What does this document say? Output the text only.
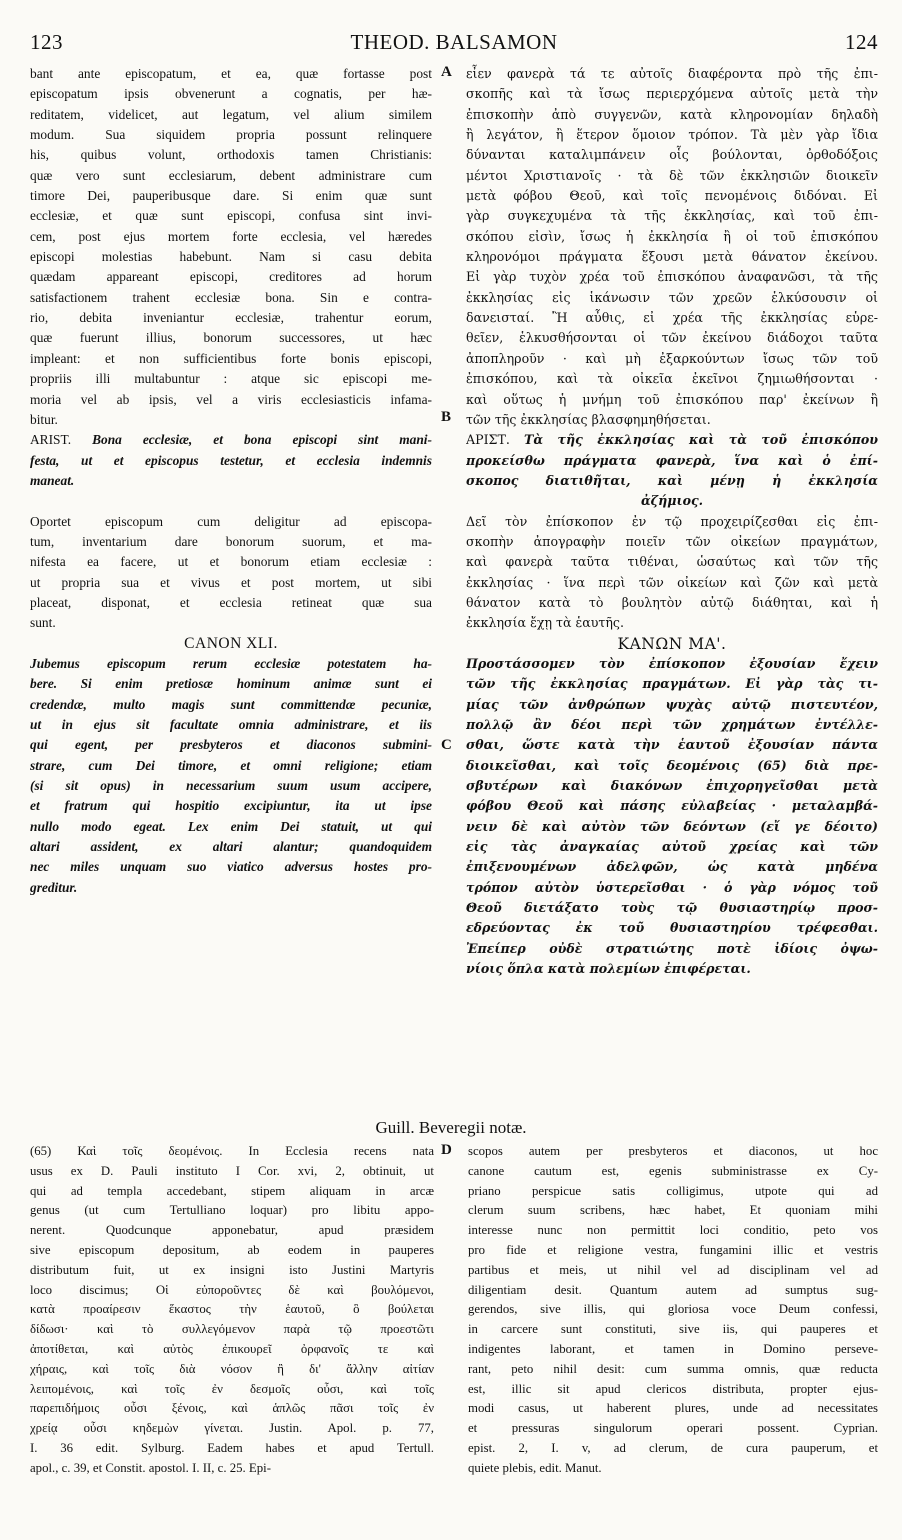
123	THEOD. BALSAMON	124
A
B
C
D
bant ante episcopatum, et ea, quæ fortasse post
episcopatum ipsis obvenerunt a cognatis, per hæ-
reditatem, videlicet, aut legatum, vel alium similem
modum. Sua siquidem propria possunt relinquere
his, quibus volunt, orthodoxis tamen Christianis:
quæ vero sunt ecclesiarum, debent administrare cum
timore Dei, pauperibusque dare. Si enim quæ sunt
ecclesiæ, et quæ sunt episcopi, confusa sint invi-
cem, post ejus mortem forte ecclesia, vel hæredes
episcopi molestias habebunt. Nam si casu debita
quædam appareant episcopi, creditores ad horum
satisfactionem trahent ecclesiæ bona. Sin e contra-
rio, debita inveniantur ecclesiæ, trahentur eorum,
quæ fuerunt illius, bonorum successores, ut hæc
impleant: et non sufficientibus forte bonis episcopi,
propriis illi multabuntur : atque sic episcopi me-
moria vel ab ipsis, vel a viris ecclesiasticis infama-
bitur.
ARIST. Bona ecclesiæ, et bona episcopi sint mani-
festa, ut et episcopus testetur, et ecclesia indemnis
maneat.
Oportet episcopum cum deligitur ad episcopa-
tum, inventarium dare bonorum suorum, et ma-
nifesta ea facere, ut et bonorum etiam ecclesiæ :
ut propria sua et vivus et post mortem, ut sibi
placeat, disponat, et ecclesia retineat quæ sua
sunt.
CANON XLI.
Jubemus episcopum rerum ecclesiæ potestatem ha-
bere. Si enim pretiosæ hominum animæ sunt ei
credendæ, multo magis sunt committendæ pecuniæ,
ut in ejus sit facultate omnia administrare, et iis
qui egent, per presbyteros et diaconos submini-
strare, cum Dei timore, et omni religione; etiam
(si sit opus) in necessarium suum usum accipere,
et fratrum qui hospitio excipiuntur, ita ut ipse
nullo modo egeat. Lex enim Dei statuit, ut qui
altari assident, ex altari alantur; quandoquidem
nec miles unquam suo viatico adversus hostes pro-
greditur.
εἶεν φανερὰ τά τε αὐτοῖς διαφέροντα πρὸ τῆς ἐπι-
σκοπῆς καὶ τὰ ἴσως περιερχόμενα αὐτοῖς μετὰ τὴν
ἐπισκοπὴν ἀπὸ συγγενῶν, κατὰ κληρονομίαν δηλαδὴ
ἢ λεγάτον, ἢ ἕτερον ὅμοιον τρόπον. Τὰ μὲν γὰρ ἴδια
δύνανται καταλιμπάνειν οἷς βούλονται, ὀρθοδόξοις
μέντοι Χριστιανοῖς · τὰ δὲ τῶν ἐκκλησιῶν διοικεῖν
μετὰ φόβου Θεοῦ, καὶ τοῖς πενομένοις διδόναι. Εἰ
γὰρ συγκεχυμένα τὰ τῆς ἐκκλησίας, καὶ τοῦ ἐπι-
σκόπου εἰσὶν, ἴσως ἡ ἐκκλησία ἢ οἱ τοῦ ἐπισκόπου
κληρονόμοι πράγματα ἕξουσι μετὰ θάνατον ἐκείνου.
Εἰ γὰρ τυχὸν χρέα τοῦ ἐπισκόπου ἀναφανῶσι, τὰ τῆς
ἐκκλησίας εἰς ἱκάνωσιν τῶν χρεῶν ἑλκύσουσιν οἱ
δανεισταί. Ἢ αὖθις, εἰ χρέα τῆς ἐκκλησίας εὑρε-
θεῖεν, ἑλκυσθήσονται οἱ τῶν ἐκείνου διάδοχοι ταῦτα
ἀποπληροῦν · καὶ μὴ ἐξαρκούντων ἴσως τῶν τοῦ
ἐπισκόπου, καὶ τὰ οἰκεῖα ἐκεῖνοι ζημιωθήσονται ·
καὶ οὕτως ἡ μνήμη τοῦ ἐπισκόπου παρ' ἐκείνων ἢ
τῶν τῆς ἐκκλησίας βλασφημηθήσεται.
ΑΡΙΣΤ. Τὰ τῆς ἐκκλησίας καὶ τὰ τοῦ ἐπισκόπου
προκείσθω πράγματα φανερὰ, ἵνα καὶ ὁ ἐπί-
σκοπος διατιθῆται, καὶ μένῃ ἡ ἐκκλησία
ἀζήμιος.
Δεῖ τὸν ἐπίσκοπον ἐν τῷ προχειρίζεσθαι εἰς ἐπι-
σκοπὴν ἀπογραφὴν ποιεῖν τῶν οἰκείων πραγμάτων,
καὶ φανερὰ ταῦτα τιθέναι, ὡσαύτως καὶ τῶν τῆς
ἐκκλησίας · ἵνα περὶ τῶν οἰκείων καὶ ζῶν καὶ μετὰ
θάνατον κατὰ τὸ βουλητὸν αὐτῷ διάθηται, καὶ ἡ
ἐκκλησία ἔχῃ τὰ ἑαυτῆς.
ΚΑΝΩΝ ΜΑ'.
Προστάσσομεν τὸν ἐπίσκοπον ἐξουσίαν ἔχειν
τῶν τῆς ἐκκλησίας πραγμάτων. Εἰ γὰρ τὰς τι-
μίας τῶν ἀνθρώπων ψυχὰς αὐτῷ πιστευτέον,
πολλῷ ἂν δέοι περὶ τῶν χρημάτων ἐντέλλε-
σθαι, ὥστε κατὰ τὴν ἑαυτοῦ ἐξουσίαν πάντα
διοικεῖσθαι, καὶ τοῖς δεομένοις (65) διὰ πρε-
σβυτέρων καὶ διακόνων ἐπιχορηγεῖσθαι μετὰ
φόβου Θεοῦ καὶ πάσης εὐλαβείας · μεταλαμβά-
νειν δὲ καὶ αὐτὸν τῶν δεόντων (εἴ γε δέοιτο)
εἰς τὰς ἀναγκαίας αὐτοῦ χρείας καὶ τῶν
ἐπιξενουμένων ἀδελφῶν, ὡς κατὰ μηδένα
τρόπον αὐτὸν ὑστερεῖσθαι · ὁ γὰρ νόμος τοῦ
Θεοῦ διετάξατο τοὺς τῷ θυσιαστηρίῳ προσ-
εδρεύοντας ἐκ τοῦ θυσιαστηρίου τρέφεσθαι.
Ἐπείπερ οὐδὲ στρατιώτης ποτὲ ἰδίοις ὀψω-
νίοις ὅπλα κατὰ πολεμίων ἐπιφέρεται.
Guill. Beveregii notæ.
(65) Καὶ τοῖς δεομένοις. In Ecclesia recens nata
usus ex D. Pauli instituto I Cor. xvi, 2, obtinuit, ut
qui ad templa accedebant, stipem aliquam in arcæ
genus (ut cum Tertulliano loquar) pro libitu appo-
nerent. Quodcunque apponebatur, apud præsidem
sive episcopum depositum, ab eodem in pauperes
distributum fuit, ut ex insigni isto Justini Martyris
loco discimus; Οἱ εὐποροῦντες δὲ καὶ βουλόμενοι,
κατὰ προαίρεσιν ἕκαστος τὴν ἑαυτοῦ, ὃ βούλεται
δίδωσι· καὶ τὸ συλλεγόμενον παρὰ τῷ προεστῶτι
ἀποτίθεται, καὶ αὐτὸς ἐπικουρεῖ ὀρφανοῖς τε καὶ
χήραις, καὶ τοῖς διὰ νόσον ἢ δι' ἄλλην αἰτίαν
λειπομένοις, καὶ τοῖς ἐν δεσμοῖς οὖσι, καὶ τοῖς
παρεπιδήμοις οὖσι ξένοις, καὶ ἁπλῶς πᾶσι τοῖς ἐν
χρείᾳ οὖσι κηδεμὼν γίνεται. Justin. Apol. p. 77,
I. 36 edit. Sylburg. Eadem habes et apud Tertull.
apol., c. 39, et Constit. apostol. I. II, c. 25. Epi-
scopos autem per presbyteros et diaconos, ut hoc
canone cautum est, egenis subministrasse ex Cy-
priano perspicue satis colligimus, utpote qui ad
clerum suum scribens, hæc habet, Et quoniam mihi
interesse nunc non permittit loci conditio, peto vos
pro fide et religione vestra, fungamini illic et vestris
partibus et meis, ut nihil vel ad disciplinam vel ad
diligentiam desit. Quantum autem ad sumptus sug-
gerendos, sive illis, qui gloriosa voce Deum confessi,
in carcere sunt constituti, sive iis, qui pauperes et
indigentes laborant, et tamen in Domino perseve-
rant, peto nihil desit: cum summa omnis, quæ reducta
est, illic sit apud clericos distributa, propter ejus-
modi casus, ut haberent plures, unde ad necessitates
et pressuras singulorum operari possent. Cyprian.
epist. 2, I. v, ad clerum, de cura pauperum, et
quiete plebis, edit. Manut.
